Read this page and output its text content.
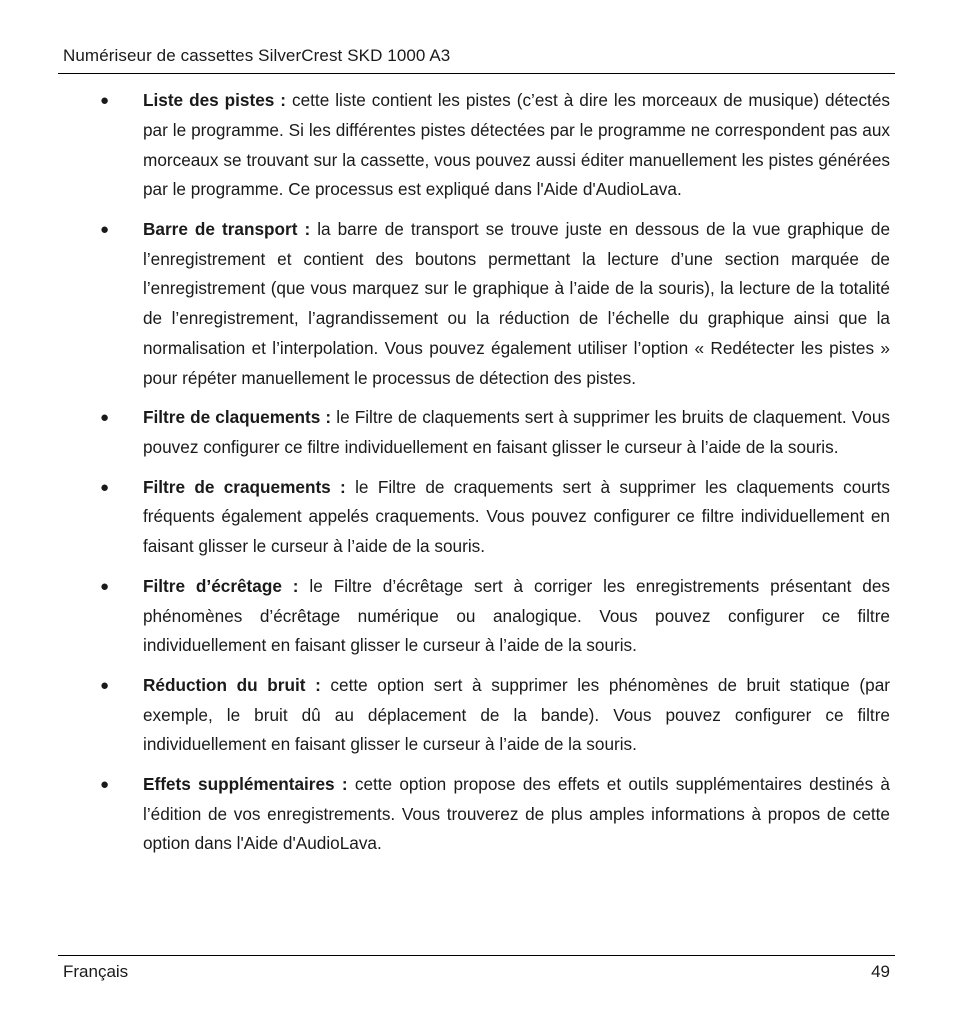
Numériseur de cassettes SilverCrest SKD 1000 A3
●	Liste des pistes : cette liste contient les pistes (c’est à dire les morceaux de musique) détectés par le programme. Si les différentes pistes détectées par le programme ne correspondent pas aux morceaux se trouvant sur la cassette, vous pouvez aussi éditer manuellement les pistes générées par le programme. Ce processus est expliqué dans l'Aide d'AudioLava.
●	Barre de transport : la barre de transport se trouve juste en dessous de la vue graphique de l’enregistrement et contient des boutons permettant la lecture d’une section marquée de l’enregistrement (que vous marquez sur le graphique à l’aide de la souris), la lecture de la totalité de l’enregistrement, l’agrandissement ou la réduction de l’échelle du graphique ainsi que la normalisation et l’interpolation. Vous pouvez également utiliser l’option « Redétecter les pistes » pour répéter manuellement le processus de détection des pistes.
●	Filtre de claquements : le Filtre de claquements sert à supprimer les bruits de claquement. Vous pouvez configurer ce filtre individuellement en faisant glisser le curseur à l’aide de la souris.
●	Filtre de craquements : le Filtre de craquements sert à supprimer les claquements courts fréquents également appelés craquements. Vous pouvez configurer ce filtre individuellement en faisant glisser le curseur à l’aide de la souris.
●	Filtre d’écrêtage : le Filtre d’écrêtage sert à corriger les enregistrements présentant des phénomènes d’écrêtage numérique ou analogique. Vous pouvez configurer ce filtre individuellement en faisant glisser le curseur à l’aide de la souris.
●	Réduction du bruit : cette option sert à supprimer les phénomènes de bruit statique (par exemple, le bruit dû au déplacement de la bande). Vous pouvez configurer ce filtre individuellement en faisant glisser le curseur à l’aide de la souris.
●	Effets supplémentaires : cette option propose des effets et outils supplémentaires destinés à l’édition de vos enregistrements. Vous trouverez de plus amples informations à propos de cette option dans l'Aide d'AudioLava.
Français	49
